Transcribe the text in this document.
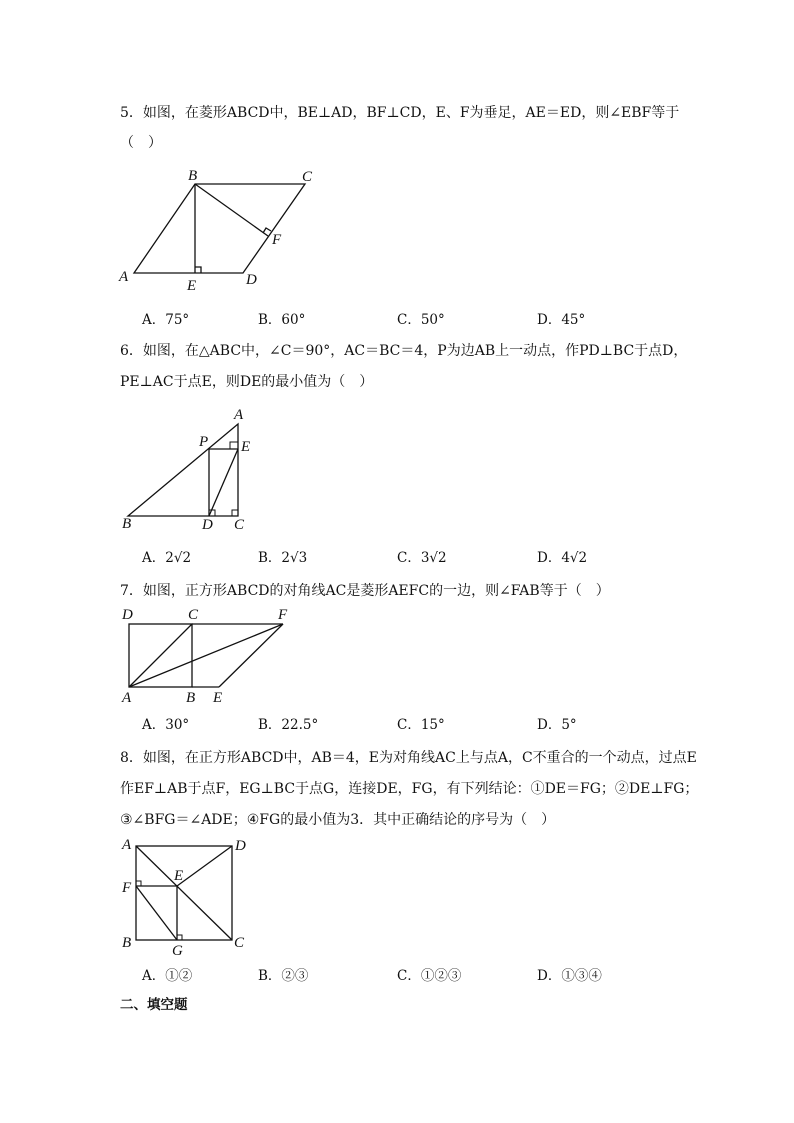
5．如图，在菱形ABCD中，BE⊥AD，BF⊥CD，E、F为垂足，AE＝ED，则∠EBF等于
（　）
A
B	C
D
E
F
A．75°	B．60°	C．50°	D．45°
6．如图，在△ABC中，∠C＝90°，AC＝BC＝4，P为边AB上一动点，作PD⊥BC于点D，
PE⊥AC于点E，则DE的最小值为（　）
A
B	C
D
E
P
A．2√2	B．2√3	C．3√2	D．4√2
7．如图，正方形ABCD的对角线AC是菱形AEFC的一边，则∠FAB等于（　）
A	B
C
D
E
F
A．30°	B．22.5°	C．15°	D．5°
8．如图，在正方形ABCD中，AB＝4，E为对角线AC上与点A，C不重合的一个动点，过点E
作EF⊥AB于点F，EG⊥BC于点G，连接DE，FG，有下列结论：①DE＝FG；②DE⊥FG；
③∠BFG＝∠ADE；④FG的最小值为3．其中正确结论的序号为（　）
A
B	C
D
E
F
G
A．①②	B．②③	C．①②③	D．①③④
二、填空题
